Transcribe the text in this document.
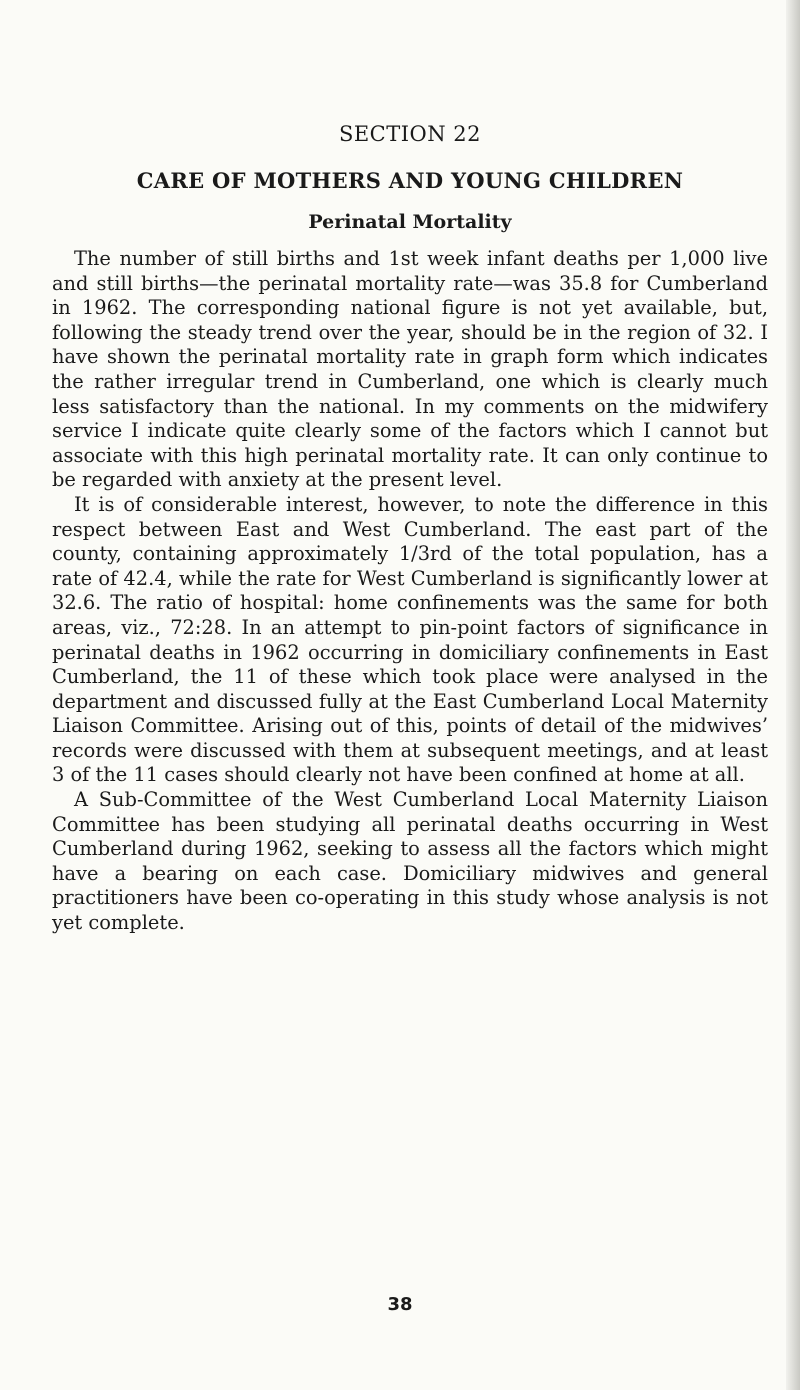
SECTION 22
CARE OF MOTHERS AND YOUNG CHILDREN
Perinatal Mortality

The number of still births and 1st week infant deaths per 1,000 live and still births—the perinatal mortality rate—was 35.8 for Cumberland in 1962. The corresponding national figure is not yet available, but, following the steady trend over the year, should be in the region of 32. I have shown the perinatal mortality rate in graph form which indicates the rather irregular trend in Cumberland, one which is clearly much less satisfactory than the national. In my comments on the midwifery service I indicate quite clearly some of the factors which I cannot but associate with this high perinatal mortality rate. It can only continue to be regarded with anxiety at the present level.

It is of considerable interest, however, to note the difference in this respect between East and West Cumberland. The east part of the county, containing approximately 1/3rd of the total population, has a rate of 42.4, while the rate for West Cumberland is significantly lower at 32.6. The ratio of hospital: home confinements was the same for both areas, viz., 72:28. In an attempt to pin-point factors of significance in perinatal deaths in 1962 occurring in domiciliary confinements in East Cumberland, the 11 of these which took place were analysed in the department and discussed fully at the East Cumberland Local Maternity Liaison Committee. Arising out of this, points of detail of the midwives’ records were discussed with them at subsequent meetings, and at least 3 of the 11 cases should clearly not have been confined at home at all.

A Sub-Committee of the West Cumberland Local Maternity Liaison Committee has been studying all perinatal deaths occurring in West Cumberland during 1962, seeking to assess all the factors which might have a bearing on each case. Domiciliary midwives and general practitioners have been co-operating in this study whose analysis is not yet complete.

38
